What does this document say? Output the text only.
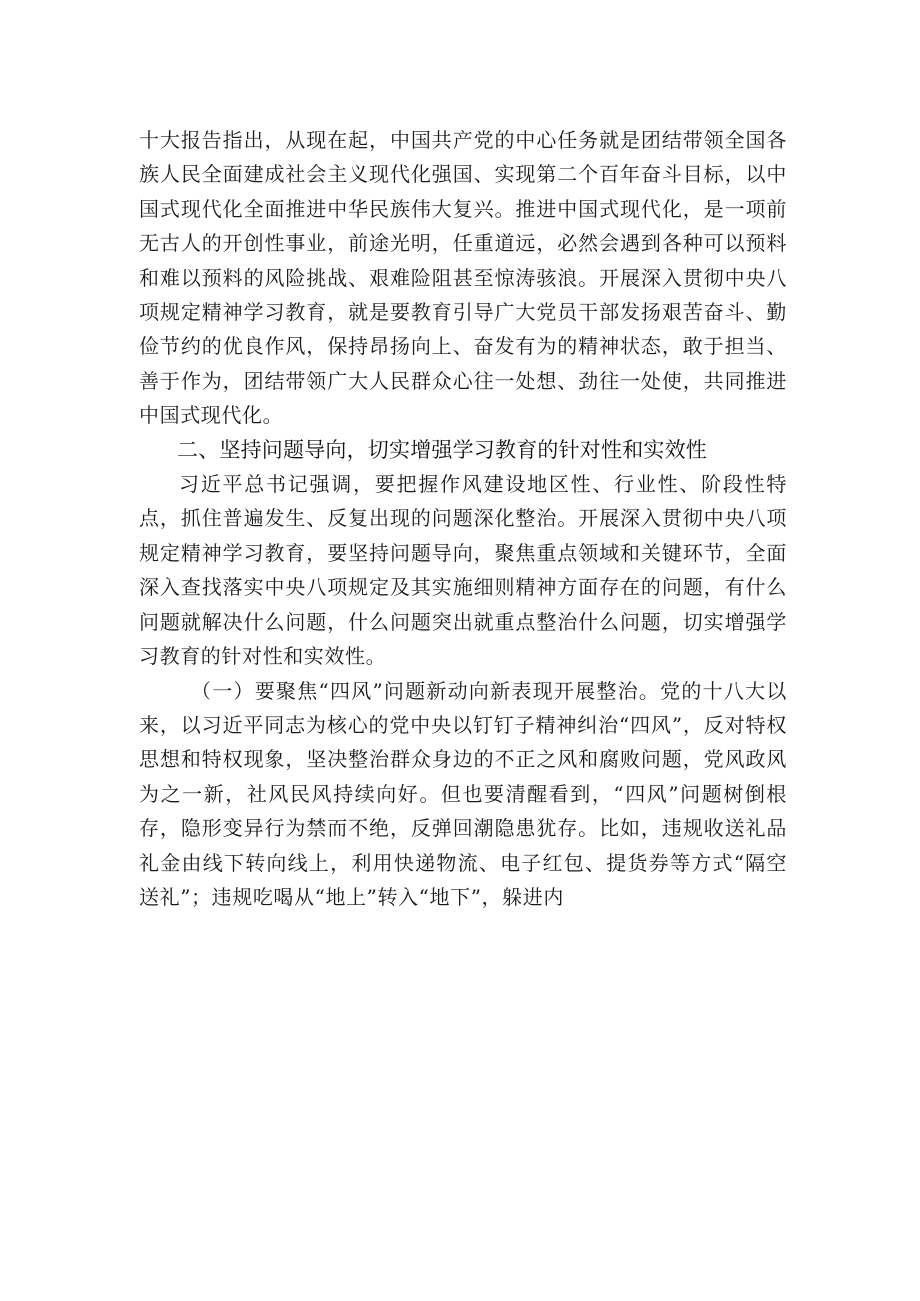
十大报告指出，从现在起，中国共产党的中心任务就是团结带领全国各族人民全面建成社会主义现代化强国、实现第二个百年奋斗目标，以中国式现代化全面推进中华民族伟大复兴。推进中国式现代化，是一项前无古人的开创性事业，前途光明，任重道远，必然会遇到各种可以预料和难以预料的风险挑战、艰难险阻甚至惊涛骇浪。开展深入贯彻中央八项规定精神学习教育，就是要教育引导广大党员干部发扬艰苦奋斗、勤俭节约的优良作风，保持昂扬向上、奋发有为的精神状态，敢于担当、善于作为，团结带领广大人民群众心往一处想、劲往一处使，共同推进中国式现代化。

二、坚持问题导向，切实增强学习教育的针对性和实效性

习近平总书记强调，要把握作风建设地区性、行业性、阶段性特点，抓住普遍发生、反复出现的问题深化整治。开展深入贯彻中央八项规定精神学习教育，要坚持问题导向，聚焦重点领域和关键环节，全面深入查找落实中央八项规定及其实施细则精神方面存在的问题，有什么问题就解决什么问题，什么问题突出就重点整治什么问题，切实增强学习教育的针对性和实效性。

（一）要聚焦“四风”问题新动向新表现开展整治。党的十八大以来，以习近平同志为核心的党中央以钉钉子精神纠治“四风”，反对特权思想和特权现象，坚决整治群众身边的不正之风和腐败问题，党风政风为之一新，社风民风持续向好。但也要清醒看到，“四风”问题树倒根存，隐形变异行为禁而不绝，反弹回潮隐患犹存。比如，违规收送礼品礼金由线下转向线上，利用快递物流、电子红包、提货券等方式“隔空送礼”；违规吃喝从“地上”转入“地下”，躲进内
